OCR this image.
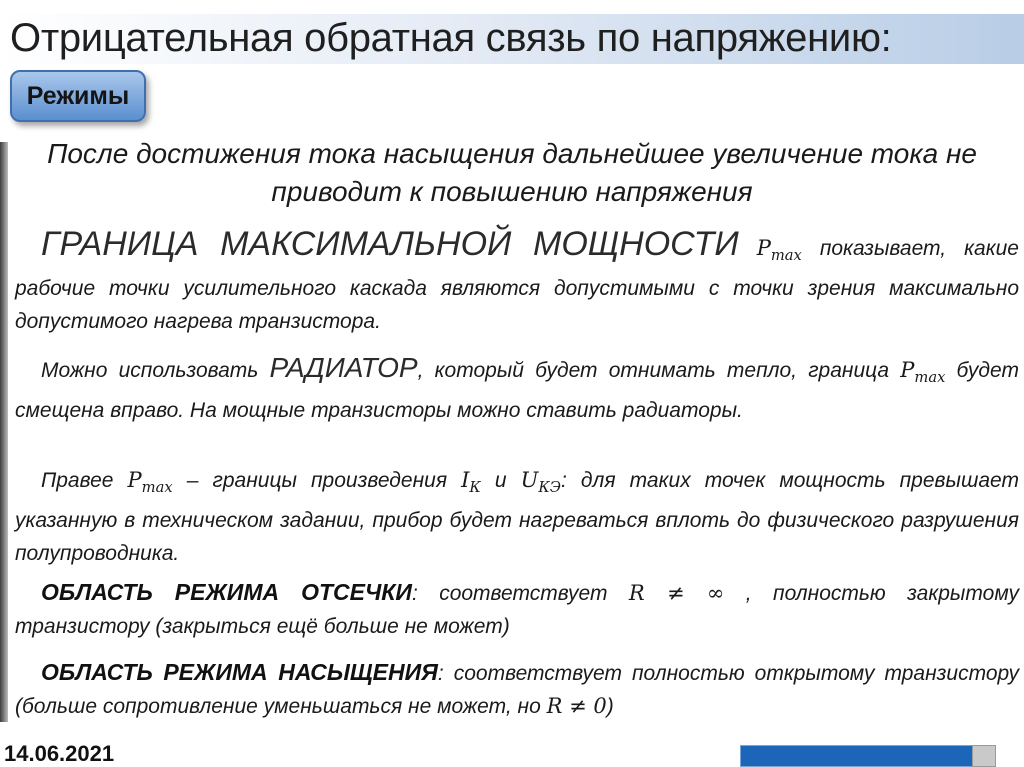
Отрицательная обратная связь по напряжению:
Режимы
После достижения тока насыщения дальнейшее увеличение тока не приводит к повышению напряжения
ГРАНИЦА МАКСИМАЛЬНОЙ МОЩНОСТИ $P_{max}$ показывает, какие рабочие точки усилительного каскада являются допустимыми с точки зрения максимально допустимого нагрева транзистора.
Можно использовать РАДИАТОР, который будет отнимать тепло, граница $P_{max}$ будет смещена вправо. На мощные транзисторы можно ставить радиаторы.
Правее $P_{max}$ – границы произведения $I_К$ и $U_{КЭ}$: для таких точек мощность превышает указанную в техническом задании, прибор будет нагреваться вплоть до физического разрушения полупроводника.
ОБЛАСТЬ РЕЖИМА ОТСЕЧКИ: соответствует R ≠ ∞ , полностью закрытому транзистору (закрыться ещё больше не может)
ОБЛАСТЬ РЕЖИМА НАСЫЩЕНИЯ: соответствует полностью открытому транзистору (больше сопротивление уменьшаться не может, но R ≠ 0)
14.06.2021
